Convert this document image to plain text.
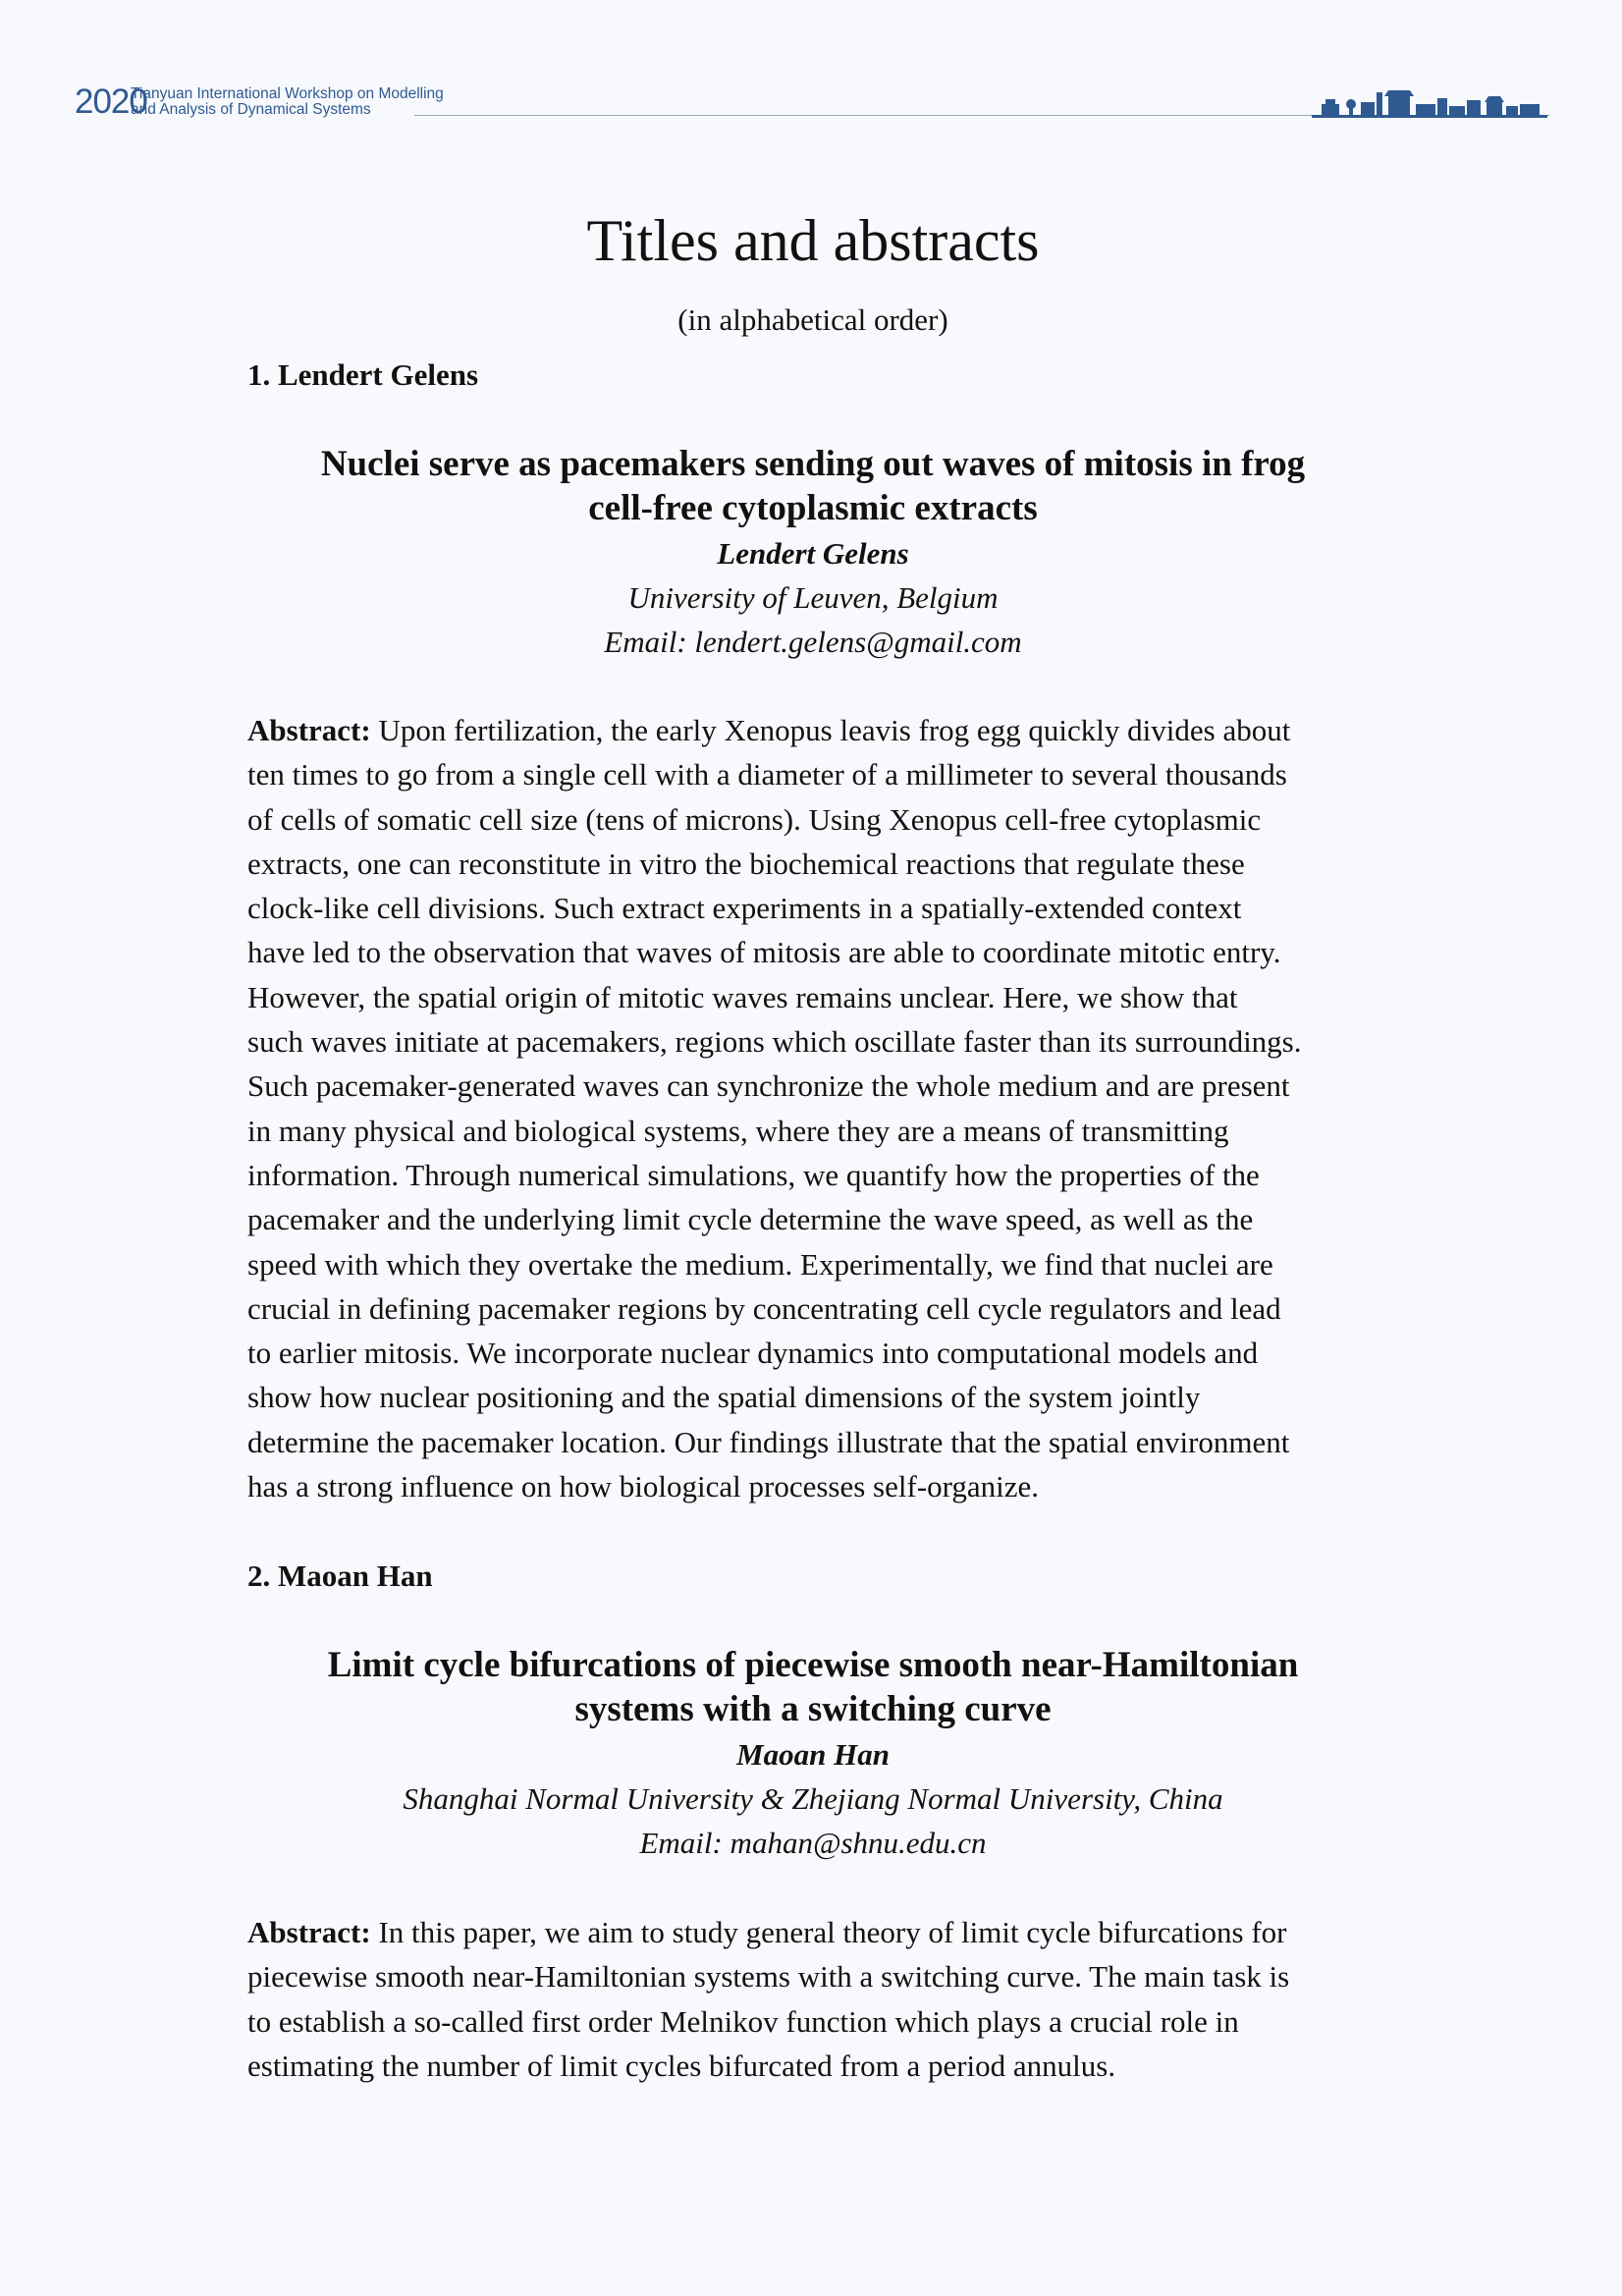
2020
Tianyuan International Workshop on Modelling
and Analysis of Dynamical Systems
Titles and abstracts
(in alphabetical order)
1. Lendert Gelens
Nuclei serve as pacemakers sending out waves of mitosis in frog
cell-free cytoplasmic extracts
Lendert Gelens
University of Leuven, Belgium
Email: lendert.gelens@gmail.com
Abstract: Upon fertilization, the early Xenopus leavis frog egg quickly divides about
ten times to go from a single cell with a diameter of a millimeter to several thousands
of cells of somatic cell size (tens of microns). Using Xenopus cell-free cytoplasmic
extracts, one can reconstitute in vitro the biochemical reactions that regulate these
clock-like cell divisions. Such extract experiments in a spatially-extended context
have led to the observation that waves of mitosis are able to coordinate mitotic entry.
However, the spatial origin of mitotic waves remains unclear. Here, we show that
such waves initiate at pacemakers, regions which oscillate faster than its surroundings.
Such pacemaker-generated waves can synchronize the whole medium and are present
in many physical and biological systems, where they are a means of transmitting
information. Through numerical simulations, we quantify how the properties of the
pacemaker and the underlying limit cycle determine the wave speed, as well as the
speed with which they overtake the medium. Experimentally, we find that nuclei are
crucial in defining pacemaker regions by concentrating cell cycle regulators and lead
to earlier mitosis. We incorporate nuclear dynamics into computational models and
show how nuclear positioning and the spatial dimensions of the system jointly
determine the pacemaker location. Our findings illustrate that the spatial environment
has a strong influence on how biological processes self-organize.
2. Maoan Han
Limit cycle bifurcations of piecewise smooth near-Hamiltonian
systems with a switching curve
Maoan Han
Shanghai Normal University & Zhejiang Normal University, China
Email: mahan@shnu.edu.cn
Abstract: In this paper, we aim to study general theory of limit cycle bifurcations for
piecewise smooth near-Hamiltonian systems with a switching curve. The main task is
to establish a so-called first order Melnikov function which plays a crucial role in
estimating the number of limit cycles bifurcated from a period annulus.
